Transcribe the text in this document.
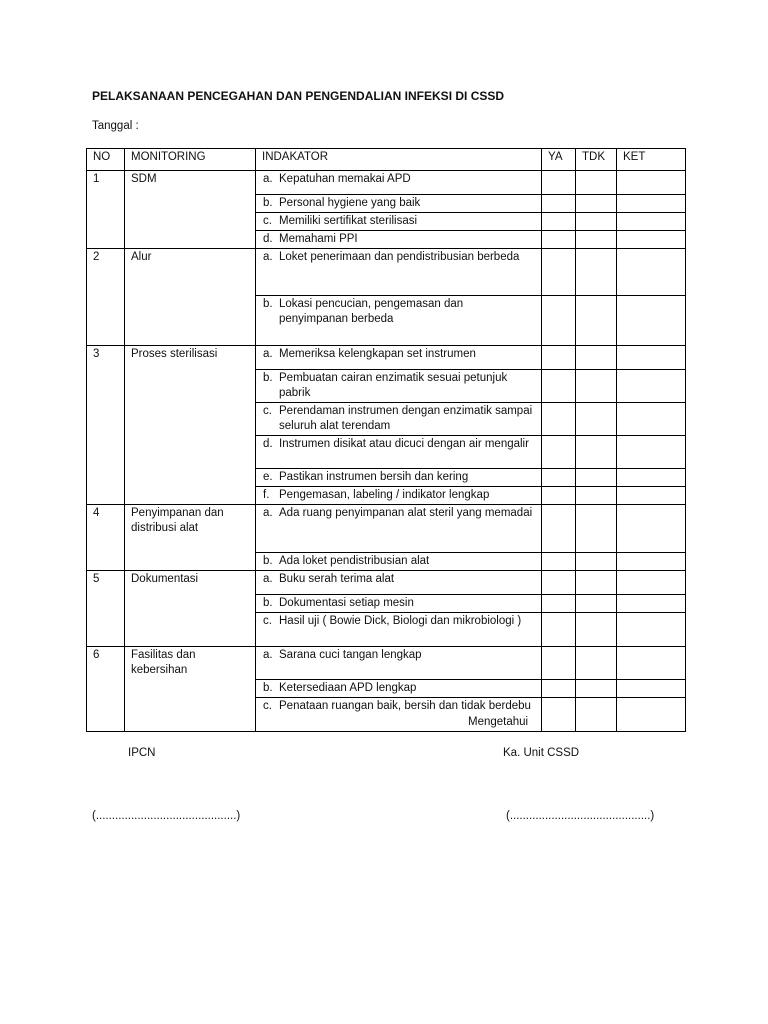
PELAKSANAAN PENCEGAHAN DAN PENGENDALIAN INFEKSI DI CSSD
Tanggal :
NO	MONITORING	INDAKATOR	YA	TDK	KET
1	SDM	a. Kepatuhan memakai APD			

		b. Personal hygiene yang baik			

		c. Memiliki sertifikat sterilisasi			

		d. Memahami PPI			

2	Alur	a. Loket penerimaan dan pendistribusian berbeda			

		b. Lokasi pencucian, pengemasan dan penyimpanan berbeda			

3	Proses sterilisasi	a. Memeriksa kelengkapan set instrumen			

		b. Pembuatan cairan enzimatik sesuai petunjuk pabrik			

		c. Perendaman instrumen dengan enzimatik sampai seluruh alat terendam			

		d. Instrumen disikat atau dicuci dengan air mengalir			

		e. Pastikan instrumen bersih dan kering			

		f. Pengemasan, labeling / indikator lengkap			

4	Penyimpanan dan distribusi alat	a. Ada ruang penyimpanan alat steril yang memadai			

		b. Ada loket pendistribusian alat			

5	Dokumentasi	a. Buku serah terima alat			

		b. Dokumentasi setiap mesin			

		c. Hasil uji ( Bowie Dick, Biologi dan mikrobiologi )			

6	Fasilitas dan kebersihan	a. Sarana cuci tangan lengkap			

		b. Ketersediaan APD lengkap			

		c. Penataan ruangan baik, bersih dan tidak berdebu			

Mengetahui
IPCN	Ka. Unit CSSD
(............................................)	(............................................)
